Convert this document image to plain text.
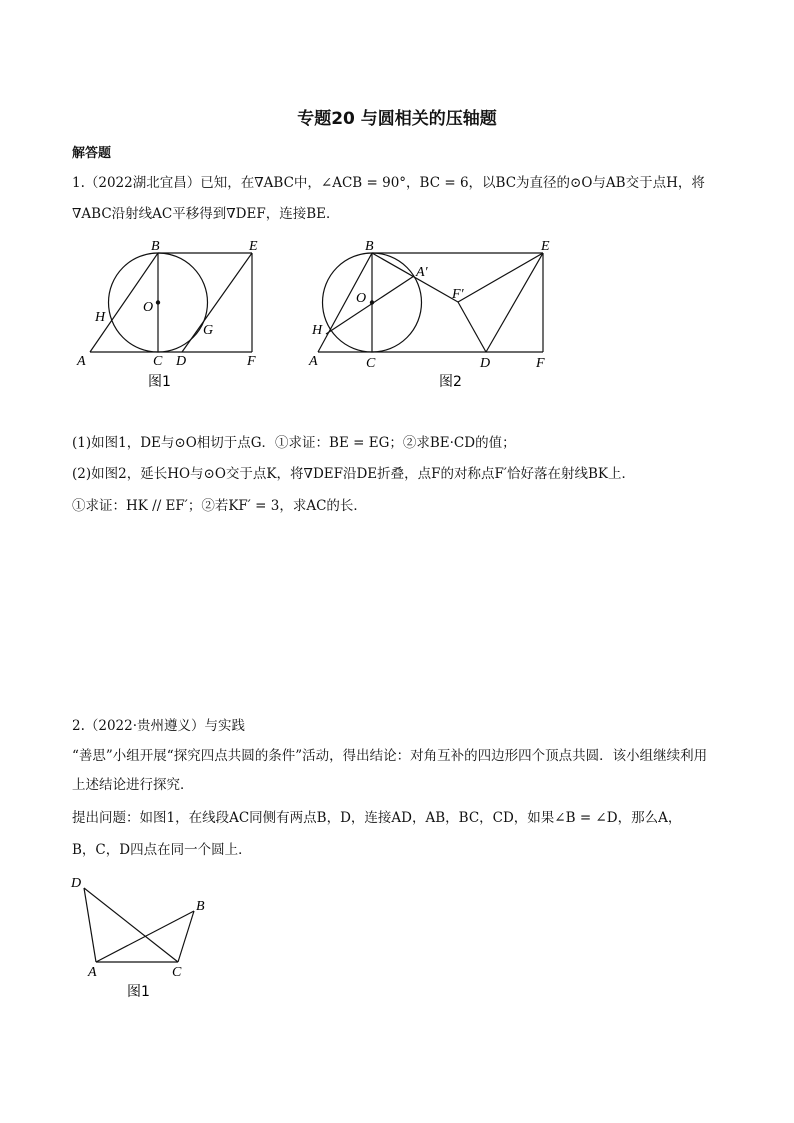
专题20 与圆相关的压轴题
解答题
1.（2022湖北宜昌）已知，在∇ABC中，∠ACB = 90°，BC = 6，以BC为直径的⊙O与AB交于点H，将
∇ABC沿射线AC平移得到∇DEF，连接BE．
B	E
O
H
G
A	C D	F
图1
B	E
A′
F′
O
H
A	C	D	F
图2
(1)如图1，DE与⊙O相切于点G．①求证：BE = EG；②求BE·CD的值；
(2)如图2，延长HO与⊙O交于点K，将∇DEF沿DE折叠，点F的对称点F′恰好落在射线BK上．
①求证：HK // EF′；②若KF′ = 3，求AC的长．
2.（2022·贵州遵义）与实践
“善思”小组开展“探究四点共圆的条件”活动，得出结论：对角互补的四边形四个顶点共圆．该小组继续利用
上述结论进行探究．
提出问题：如图1，在线段AC同侧有两点B，D，连接AD，AB，BC，CD，如果∠B = ∠D，那么A，
B，C，D四点在同一个圆上．
D
B
A	C
图1
